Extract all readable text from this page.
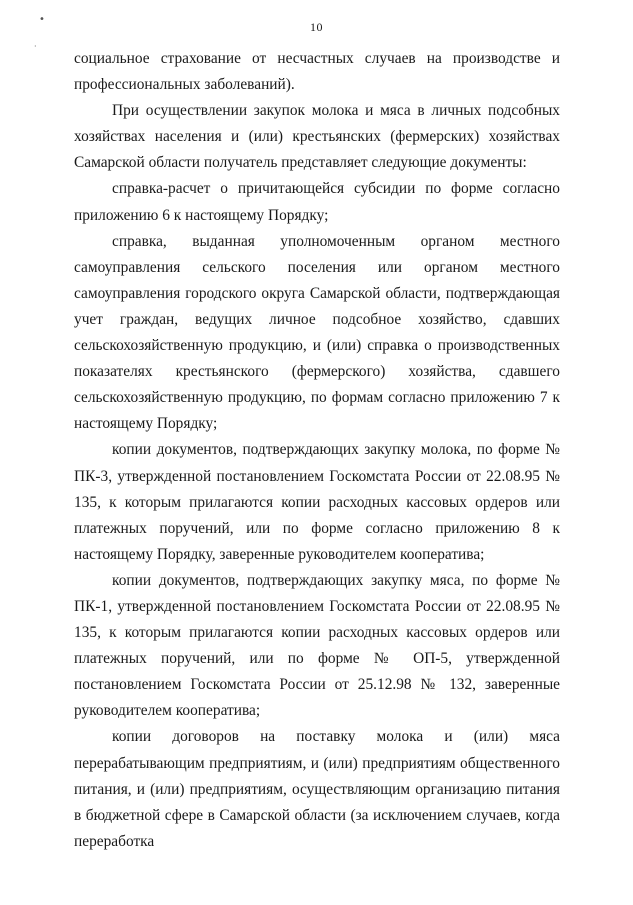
•
·
10

социальное страхование от несчастных случаев на производстве и профессиональных заболеваний).

При осуществлении закупок молока и мяса в личных подсобных хозяйствах населения и (или) крестьянских (фермерских) хозяйствах Самарской области получатель представляет следующие документы:

справка-расчет о причитающейся субсидии по форме согласно приложению 6 к настоящему Порядку;

справка, выданная уполномоченным органом местного самоуправления сельского поселения или органом местного самоуправления городского округа Самарской области, подтверждающая учет граждан, ведущих личное подсобное хозяйство, сдавших сельскохозяйственную продукцию, и (или) справка о производственных показателях крестьянского (фермерского) хозяйства, сдавшего сельскохозяйственную продукцию, по формам согласно приложению 7 к настоящему Порядку;

копии документов, подтверждающих закупку молока, по форме № ПК-3, утвержденной постановлением Госкомстата России от 22.08.95 № 135, к которым прилагаются копии расходных кассовых ордеров или платежных поручений, или по форме согласно приложению 8 к настоящему Порядку, заверенные руководителем кооператива;

копии документов, подтверждающих закупку мяса, по форме № ПК-1, утвержденной постановлением Госкомстата России от 22.08.95 № 135, к которым прилагаются копии расходных кассовых ордеров или платежных поручений, или по форме № ОП-5, утвержденной постановлением Госкомстата России от 25.12.98 № 132, заверенные руководителем кооператива;

копии договоров на поставку молока и (или) мяса перерабатывающим предприятиям, и (или) предприятиям общественного питания, и (или) предприятиям, осуществляющим организацию питания в бюджетной сфере в Самарской области (за исключением случаев, когда переработка
